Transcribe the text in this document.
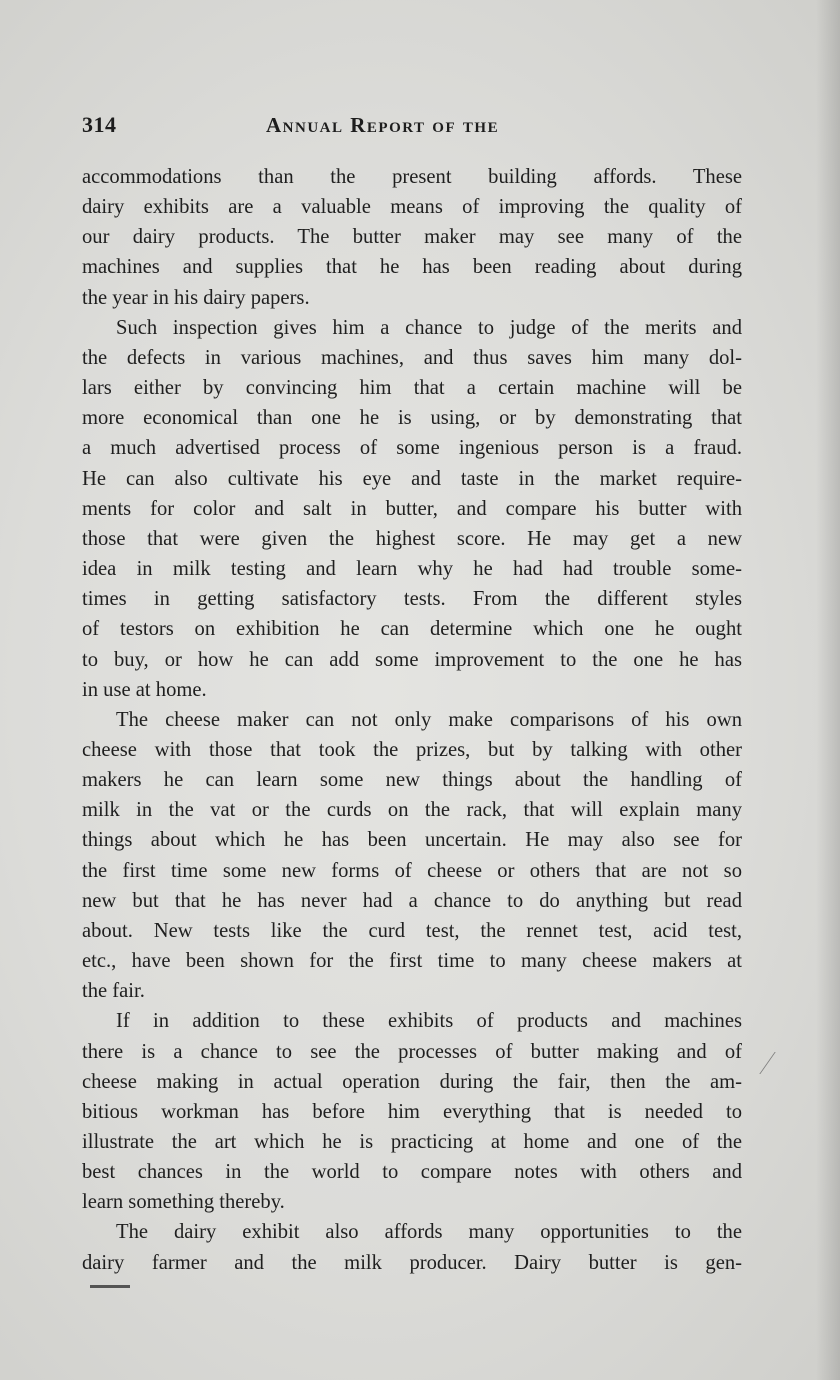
314	Annual Report of the
accommodations than the present building affords. These
dairy exhibits are a valuable means of improving the quality of
our dairy products. The butter maker may see many of the
machines and supplies that he has been reading about during
the year in his dairy papers.
Such inspection gives him a chance to judge of the merits and
the defects in various machines, and thus saves him many dol-
lars either by convincing him that a certain machine will be
more economical than one he is using, or by demonstrating that
a much advertised process of some ingenious person is a fraud.
He can also cultivate his eye and taste in the market require-
ments for color and salt in butter, and compare his butter with
those that were given the highest score. He may get a new
idea in milk testing and learn why he had had trouble some-
times in getting satisfactory tests. From the different styles
of testors on exhibition he can determine which one he ought
to buy, or how he can add some improvement to the one he has
in use at home.
The cheese maker can not only make comparisons of his own
cheese with those that took the prizes, but by talking with other
makers he can learn some new things about the handling of
milk in the vat or the curds on the rack, that will explain many
things about which he has been uncertain. He may also see for
the first time some new forms of cheese or others that are not so
new but that he has never had a chance to do anything but read
about. New tests like the curd test, the rennet test, acid test,
etc., have been shown for the first time to many cheese makers at
the fair.
If in addition to these exhibits of products and machines
there is a chance to see the processes of butter making and of
cheese making in actual operation during the fair, then the am-
bitious workman has before him everything that is needed to
illustrate the art which he is practicing at home and one of the
best chances in the world to compare notes with others and
learn something thereby.
The dairy exhibit also affords many opportunities to the
dairy farmer and the milk producer. Dairy butter is gen-
